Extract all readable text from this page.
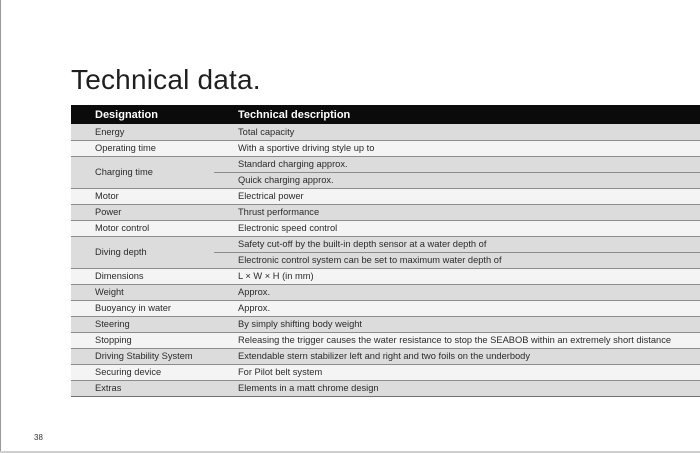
Technical data.
Designation	Technical description
Energy	Total capacity
Operating time	With a sportive driving style up to
Charging time	Standard charging approx.
	Quick charging approx.
Motor	Electrical power
Power	Thrust performance
Motor control	Electronic speed control
Diving depth	Safety cut-off by the built-in depth sensor at a water depth of
	Electronic control system can be set to maximum water depth of
Dimensions	L × W × H (in mm)
Weight	Approx.
Buoyancy in water	Approx.
Steering	By simply shifting body weight
Stopping	Releasing the trigger causes the water resistance to stop the SEABOB within an extremely short distance
Driving Stability System	Extendable stern stabilizer left and right and two foils on the underbody
Securing device	For Pilot belt system
Extras	Elements in a matt chrome design
38
